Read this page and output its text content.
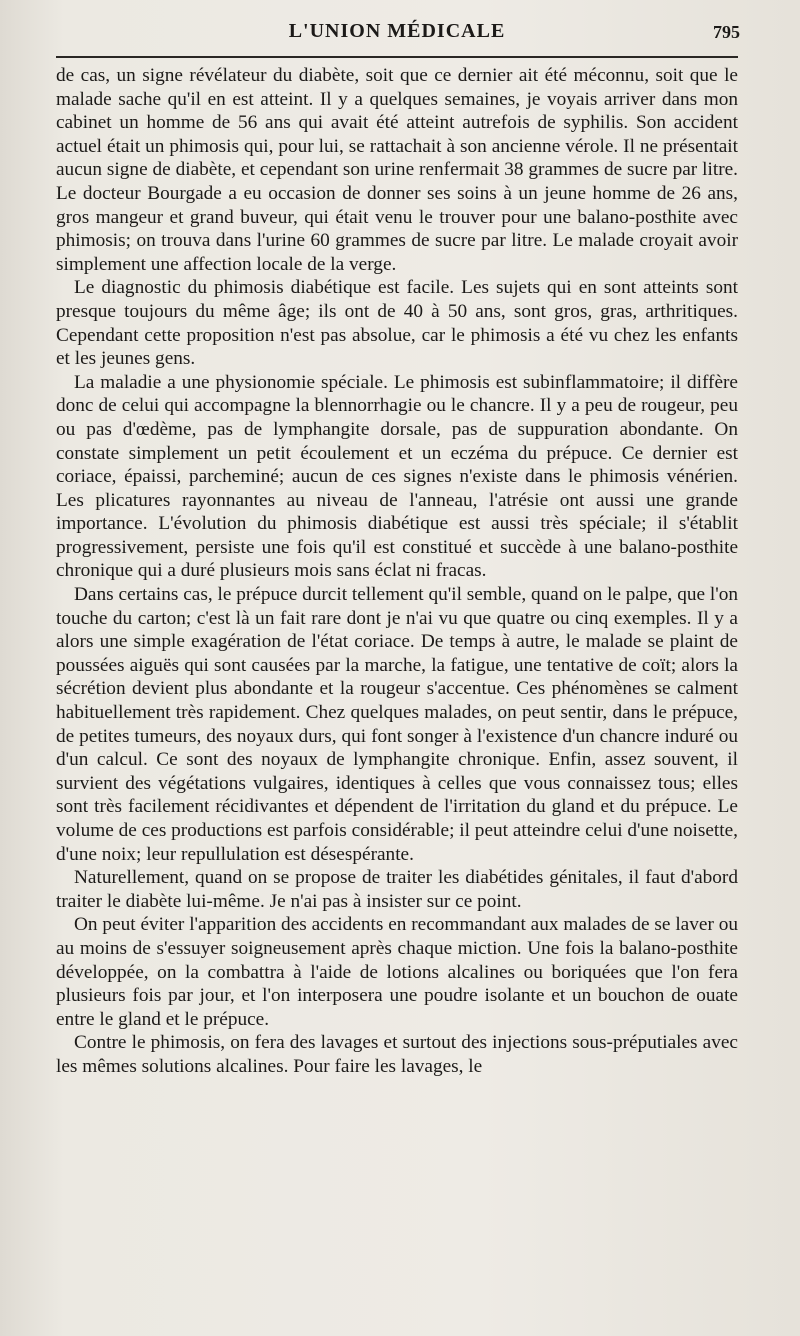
L'UNION MÉDICALE	795

de cas, un signe révélateur du diabète, soit que ce dernier ait été méconnu, soit que le malade sache qu'il en est atteint. Il y a quelques semaines, je voyais arriver dans mon cabinet un homme de 56 ans qui avait été atteint autrefois de syphilis. Son accident actuel était un phimosis qui, pour lui, se rattachait à son ancienne vérole. Il ne présentait aucun signe de diabète, et cependant son urine renfermait 38 grammes de sucre par litre. Le docteur Bourgade a eu occasion de donner ses soins à un jeune homme de 26 ans, gros mangeur et grand buveur, qui était venu le trouver pour une balano-posthite avec phimosis; on trouva dans l'urine 60 grammes de sucre par litre. Le malade croyait avoir simplement une affection locale de la verge.

Le diagnostic du phimosis diabétique est facile. Les sujets qui en sont atteints sont presque toujours du même âge; ils ont de 40 à 50 ans, sont gros, gras, arthritiques. Cependant cette proposition n'est pas absolue, car le phimosis a été vu chez les enfants et les jeunes gens.

La maladie a une physionomie spéciale. Le phimosis est subinflammatoire; il diffère donc de celui qui accompagne la blennorrhagie ou le chancre. Il y a peu de rougeur, peu ou pas d'œdème, pas de lymphangite dorsale, pas de suppuration abondante. On constate simplement un petit écoulement et un eczéma du prépuce. Ce dernier est coriace, épaissi, parcheminé; aucun de ces signes n'existe dans le phimosis vénérien. Les plicatures rayonnantes au niveau de l'anneau, l'atrésie ont aussi une grande importance. L'évolution du phimosis diabétique est aussi très spéciale; il s'établit progressivement, persiste une fois qu'il est constitué et succède à une balano-posthite chronique qui a duré plusieurs mois sans éclat ni fracas.

Dans certains cas, le prépuce durcit tellement qu'il semble, quand on le palpe, que l'on touche du carton; c'est là un fait rare dont je n'ai vu que quatre ou cinq exemples. Il y a alors une simple exagération de l'état coriace. De temps à autre, le malade se plaint de poussées aiguës qui sont causées par la marche, la fatigue, une tentative de coït; alors la sécrétion devient plus abondante et la rougeur s'accentue. Ces phénomènes se calment habituellement très rapidement. Chez quelques malades, on peut sentir, dans le prépuce, de petites tumeurs, des noyaux durs, qui font songer à l'existence d'un chancre induré ou d'un calcul. Ce sont des noyaux de lymphangite chronique. Enfin, assez souvent, il survient des végétations vulgaires, identiques à celles que vous connaissez tous; elles sont très facilement récidivantes et dépendent de l'irritation du gland et du prépuce. Le volume de ces productions est parfois considérable; il peut atteindre celui d'une noisette, d'une noix; leur repullulation est désespérante.

Naturellement, quand on se propose de traiter les diabétides génitales, il faut d'abord traiter le diabète lui-même. Je n'ai pas à insister sur ce point.

On peut éviter l'apparition des accidents en recommandant aux malades de se laver ou au moins de s'essuyer soigneusement après chaque miction. Une fois la balano-posthite développée, on la combattra à l'aide de lotions alcalines ou boriquées que l'on fera plusieurs fois par jour, et l'on interposera une poudre isolante et un bouchon de ouate entre le gland et le prépuce.

Contre le phimosis, on fera des lavages et surtout des injections sous-préputiales avec les mêmes solutions alcalines. Pour faire les lavages, le
